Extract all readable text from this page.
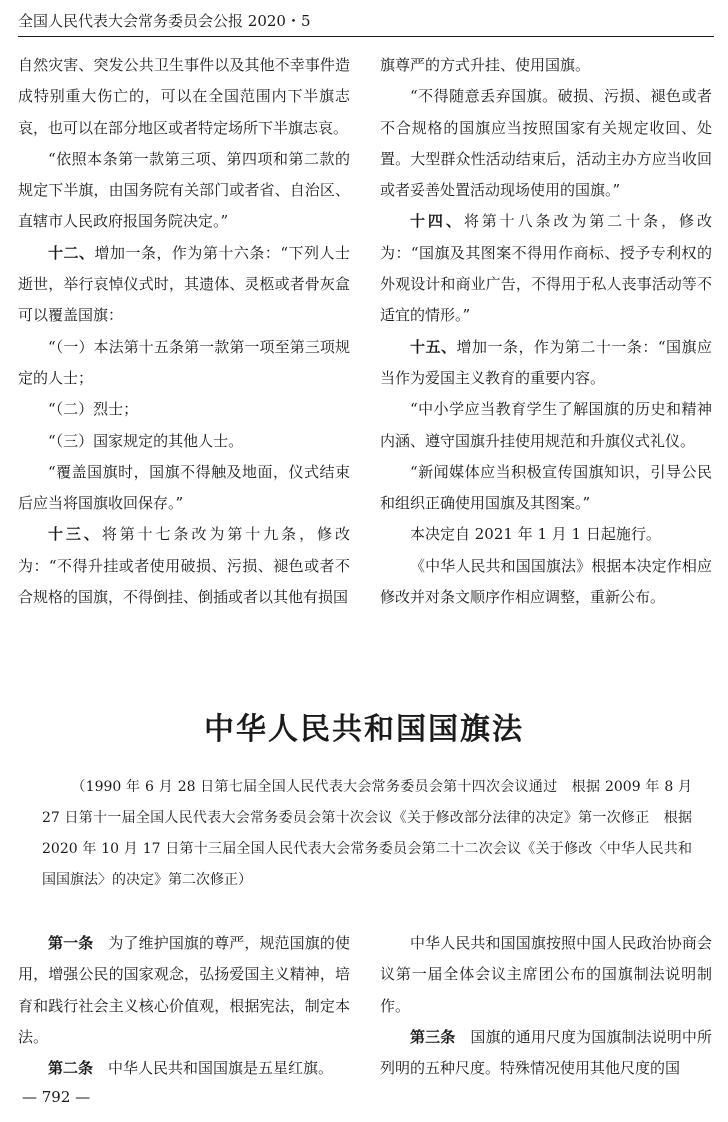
全国人民代表大会常务委员会公报 2020・5

自然灾害、突发公共卫生事件以及其他不幸事件造成特别重大伤亡的，可以在全国范围内下半旗志哀，也可以在部分地区或者特定场所下半旗志哀。

“依照本条第一款第三项、第四项和第二款的规定下半旗，由国务院有关部门或者省、自治区、直辖市人民政府报国务院决定。”

十二、增加一条，作为第十六条：“下列人士逝世，举行哀悼仪式时，其遗体、灵柩或者骨灰盒可以覆盖国旗：

“（一）本法第十五条第一款第一项至第三项规定的人士；

“（二）烈士；

“（三）国家规定的其他人士。

“覆盖国旗时，国旗不得触及地面，仪式结束后应当将国旗收回保存。”

十三、将第十七条改为第十九条，修改为：“不得升挂或者使用破损、污损、褪色或者不合规格的国旗，不得倒挂、倒插或者以其他有损国

旗尊严的方式升挂、使用国旗。

“不得随意丢弃国旗。破损、污损、褪色或者不合规格的国旗应当按照国家有关规定收回、处置。大型群众性活动结束后，活动主办方应当收回或者妥善处置活动现场使用的国旗。”

十四、将第十八条改为第二十条，修改为：“国旗及其图案不得用作商标、授予专利权的外观设计和商业广告，不得用于私人丧事活动等不适宜的情形。”

十五、增加一条，作为第二十一条：“国旗应当作为爱国主义教育的重要内容。

“中小学应当教育学生了解国旗的历史和精神内涵、遵守国旗升挂使用规范和升旗仪式礼仪。

“新闻媒体应当积极宣传国旗知识，引导公民和组织正确使用国旗及其图案。”

本决定自 2021 年 1 月 1 日起施行。

《中华人民共和国国旗法》根据本决定作相应修改并对条文顺序作相应调整，重新公布。

中华人民共和国国旗法

（1990 年 6 月 28 日第七届全国人民代表大会常务委员会第十四次会议通过　根据 2009 年 8 月 27 日第十一届全国人民代表大会常务委员会第十次会议《关于修改部分法律的决定》第一次修正　根据 2020 年 10 月 17 日第十三届全国人民代表大会常务委员会第二十二次会议《关于修改〈中华人民共和国国旗法〉的决定》第二次修正）

第一条　为了维护国旗的尊严，规范国旗的使用，增强公民的国家观念，弘扬爱国主义精神，培育和践行社会主义核心价值观，根据宪法，制定本法。

第二条　中华人民共和国国旗是五星红旗。

中华人民共和国国旗按照中国人民政治协商会议第一届全体会议主席团公布的国旗制法说明制作。

第三条　国旗的通用尺度为国旗制法说明中所列明的五种尺度。特殊情况使用其他尺度的国

— 792 —
